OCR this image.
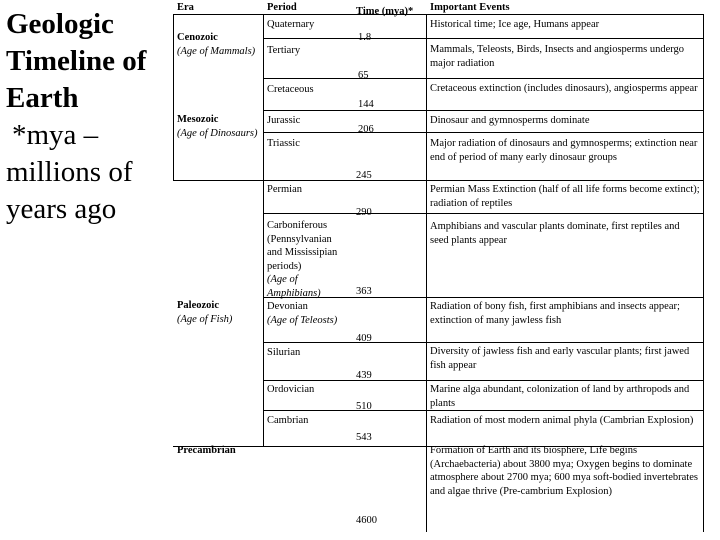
Geologic
Timeline of
Earth
*mya –
millions of
years ago
Era	Period	Time (mya)* Important Events
Cenozoic
(Age of Mammals)
Mesozoic
(Age of Dinosaurs)
Paleozoic
(Age of Fish)
Precambrian
Quaternary
Tertiary
Cretaceous
Jurassic
Triassic
Permian
Carboniferous (Pennsylvanian and Mississipian periods)
(Age of Amphibians)
Devonian
(Age of Teleosts)
Silurian
Ordovician
Cambrian
1.8
65
144
206
245
290
363
409
439
510
543
4600
Historical time; Ice age, Humans appear
Mammals, Teleosts, Birds, Insects and angiosperms undergo major radiation
Cretaceous extinction (includes dinosaurs), angiosperms appear
Dinosaur and gymnosperms dominate
Major radiation of dinosaurs and gymnosperms; extinction near end of period of many early dinosaur groups
Permian Mass Extinction (half of all life forms become extinct); radiation of reptiles
Amphibians and vascular plants dominate, first reptiles and seed plants appear
Radiation of bony fish, first amphibians and insects appear; extinction of many jawless fish
Diversity of jawless fish and early vascular plants; first jawed fish appear
Marine alga abundant, colonization of land by arthropods and plants
Radiation of most modern animal phyla (Cambrian Explosion)
Formation of Earth and its biosphere, Life begins (Archaebacteria) about 3800 mya; Oxygen begins to dominate atmosphere about 2700 mya; 600 mya soft-bodied invertebrates and algae thrive (Pre-cambrium Explosion)
